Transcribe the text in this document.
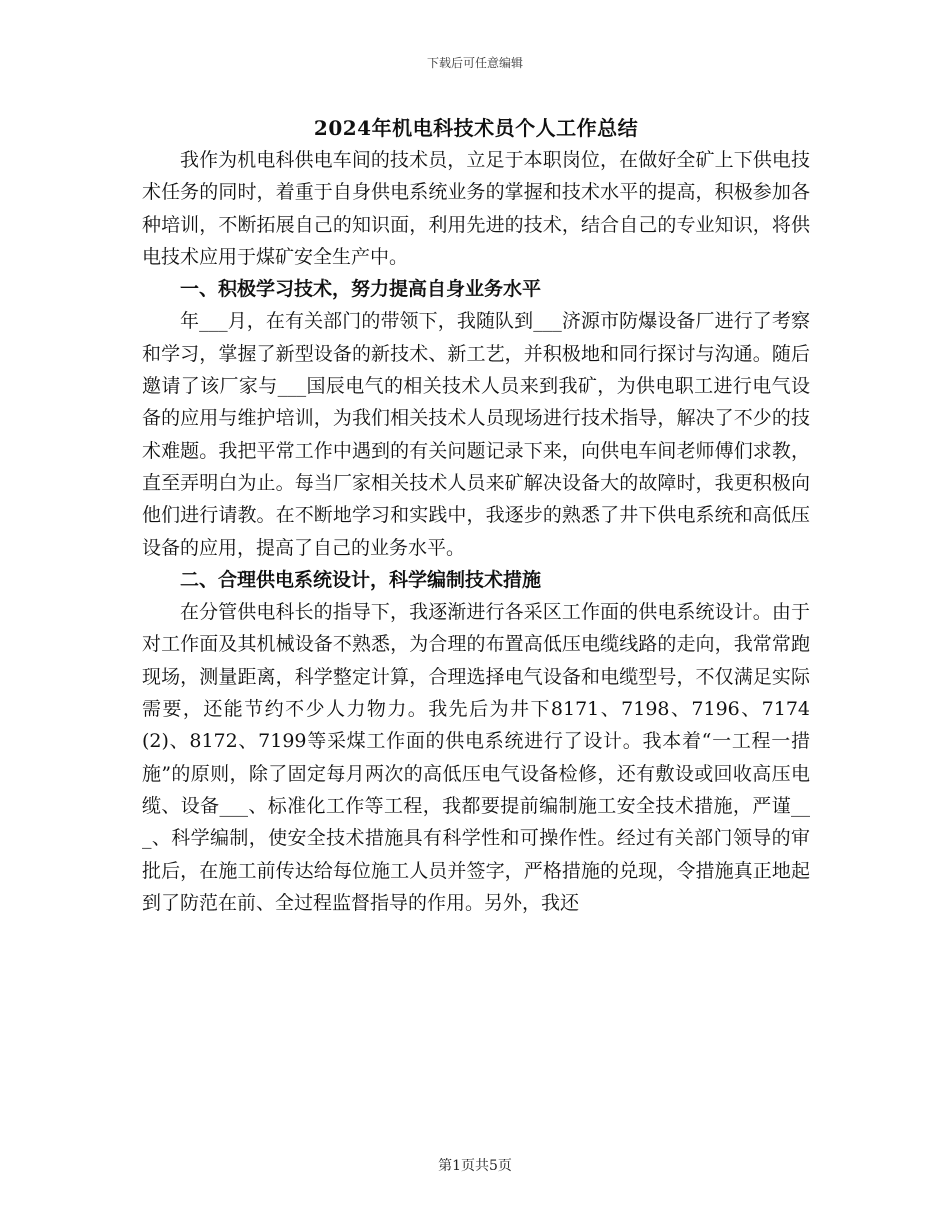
下载后可任意编辑
2024年机电科技术员个人工作总结

我作为机电科供电车间的技术员，立足于本职岗位，在做好全矿上下供电技术任务的同时，着重于自身供电系统业务的掌握和技术水平的提高，积极参加各种培训，不断拓展自己的知识面，利用先进的技术，结合自己的专业知识，将供电技术应用于煤矿安全生产中。

一、积极学习技术，努力提高自身业务水平

年___月，在有关部门的带领下，我随队到___济源市防爆设备厂进行了考察和学习，掌握了新型设备的新技术、新工艺，并积极地和同行探讨与沟通。随后邀请了该厂家与___国辰电气的相关技术人员来到我矿，为供电职工进行电气设备的应用与维护培训，为我们相关技术人员现场进行技术指导，解决了不少的技术难题。我把平常工作中遇到的有关问题记录下来，向供电车间老师傅们求教，直至弄明白为止。每当厂家相关技术人员来矿解决设备大的故障时，我更积极向他们进行请教。在不断地学习和实践中，我逐步的熟悉了井下供电系统和高低压设备的应用，提高了自己的业务水平。

二、合理供电系统设计，科学编制技术措施

在分管供电科长的指导下，我逐渐进行各采区工作面的供电系统设计。由于对工作面及其机械设备不熟悉，为合理的布置高低压电缆线路的走向，我常常跑现场，测量距离，科学整定计算，合理选择电气设备和电缆型号，不仅满足实际需要，还能节约不少人力物力。我先后为井下8171、7198、7196、7174(2)、8172、7199等采煤工作面的供电系统进行了设计。我本着“一工程一措施”的原则，除了固定每月两次的高低压电气设备检修，还有敷设或回收高压电缆、设备___、标准化工作等工程，我都要提前编制施工安全技术措施，严谨___、科学编制，使安全技术措施具有科学性和可操作性。经过有关部门领导的审批后，在施工前传达给每位施工人员并签字，严格措施的兑现，令措施真正地起到了防范在前、全过程监督指导的作用。另外，我还

第1页共5页
